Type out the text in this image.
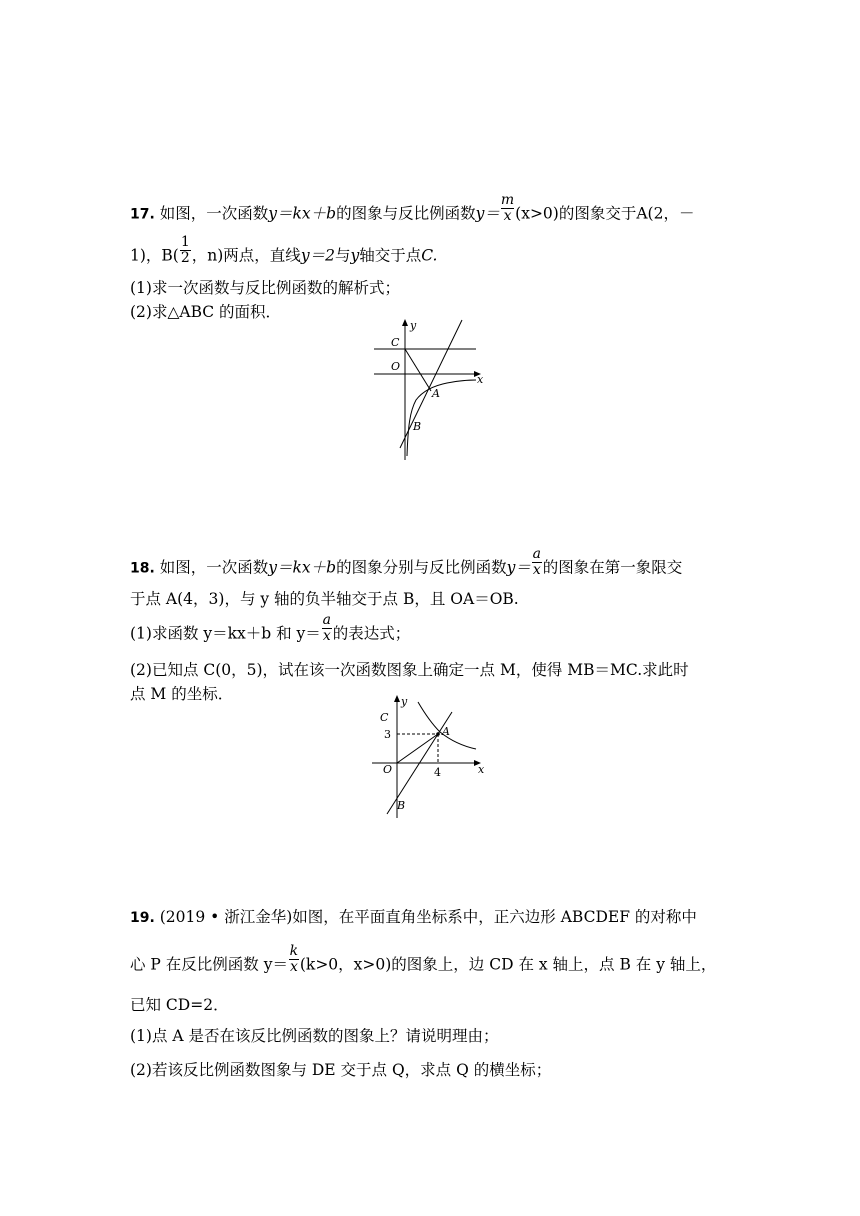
17. 如图，一次函数y＝kx＋b的图象与反比例函数$y= \frac{m}{x} (x>0)$的图象交于A(2，－
1)，$B( \frac{1}{2}$ ，n)两点，直线y＝2与y轴交于点C.
(1)求一次函数与反比例函数的解析式；
(2)求△ABC 的面积．
y
x
C
O
A
B
18. 如图，一次函数y＝kx＋b的图象分别与反比例函数$y= \frac{a}{x}$ 的图象在第一象限交
于点 A(4，3)，与 y 轴的负半轴交于点 B，且 OA＝OB.
(1)求函数 y＝kx＋b 和 $y= \frac{a}{x}$ 的表达式；
(2)已知点 C(0，5)，试在该一次函数图象上确定一点 M，使得 MB＝MC.求此时
点 M 的坐标．	y
x
C
3	A
O	4
B
19. (2019 • 浙江金华)如图，在平面直角坐标系中，正六边形 ABCDEF 的对称中
心 P 在反比例函数 $y= \frac{k}{x} (k>0$，x>0)的图象上，边 CD 在 x 轴上，点 B 在 y 轴上，
已知 CD=2．
(1)点 A 是否在该反比例函数的图象上？请说明理由；
(2)若该反比例函数图象与 DE 交于点 Q，求点 Q 的横坐标；
